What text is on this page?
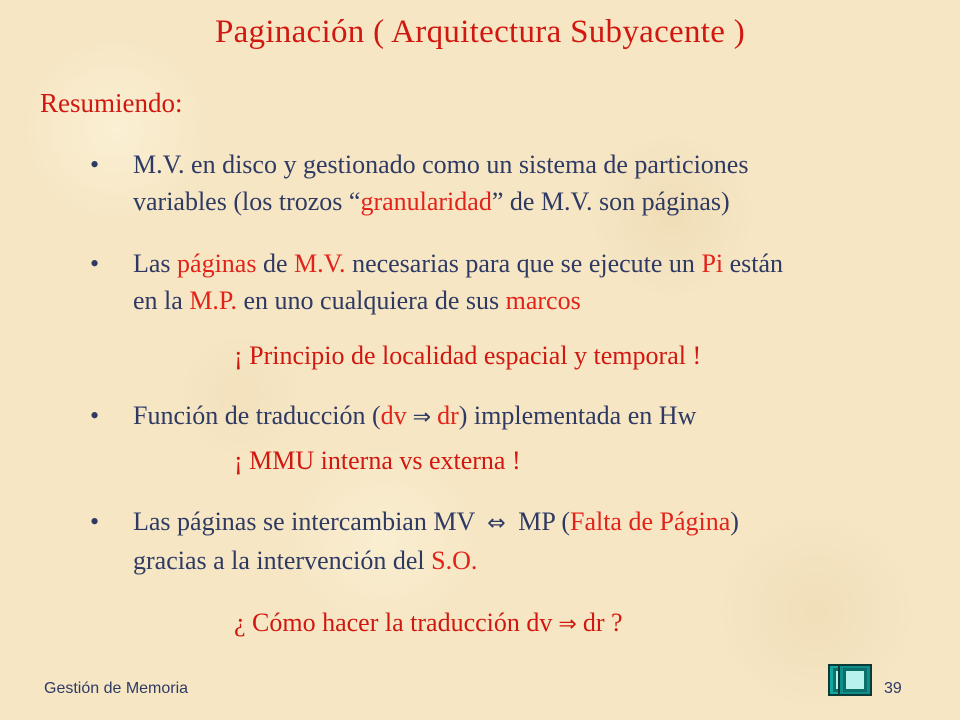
Paginación ( Arquitectura Subyacente )
Resumiendo:
• M.V. en disco y gestionado como un sistema de particiones
variables (los trozos “granularidad” de M.V. son páginas)
• Las páginas de M.V. necesarias para que se ejecute un Pi están
en la M.P. en uno cualquiera de sus marcos
¡ Principio de localidad espacial y temporal !
• Función de traducción (dv ⇒ dr) implementada en Hw
¡ MMU interna vs externa !
• Las páginas se intercambian MV ⇔ MP (Falta de Página)
gracias a la intervención del S.O.
¿ Cómo hacer la traducción dv ⇒ dr ?
Gestión de Memoria	39
